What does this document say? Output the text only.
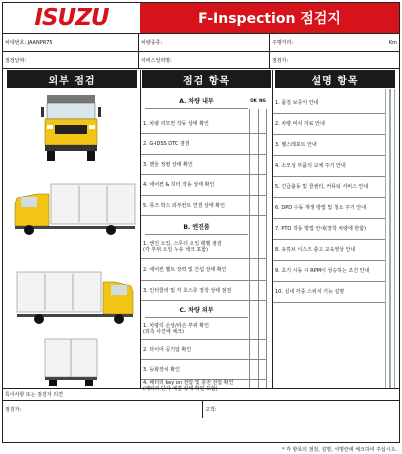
ISUZU	F-Inspection 점검지
차대번호: JAANPR75	차량종류:	주행거리:	Km
점검날짜:	서비스딜러명:	점검자:
외부 점검	점검 항목	설명 항목
A. 차량 내부	OK NG
1. 차량 리모컨 작동 상태 확인
2. G-IDSS DTC 점검
3. 핸들 정렬 상태 확인
4. 에어컨 & 히터 작동 상태 확인
5. 퓨즈 박스 외부컨트 연결 상태 확인
B. 엔진룸
1. 엔진 오일, 스무더 오일 레벨 점검
(각 부위 오일 누유 체크 포함)
2. 에어컨 벨트 장력 및 간섭 상태 확인
3. 인터쿨러 및 각 호스류 장착 상태 점검
C. 차량 외부
1. 차량의 손상/파손 부위 확인
(외측 사진에 체크)
2. 타이어 공기압 확인
3. 등화장치 확인
4. 배터리 key on 전압 및 충전 전압 확인
(배터리 단자 체결 상태 확인 포함)
1. 품질 보증서 안내
2. 차량 비치 자료 안내
3. 헬스레포트 안내
4. 소모성 부품의 교체 주기 안내
5. 긴급출동 및 콜센터, 커뮤티 서비스 안내
6. DPD 수동 재생 방법 및 청소 주기 안내
7. PTO 작동 방법 안내(장착 차량에 한함)
8. 유튜브 이스즈 출고 교육영상 안내
9. 초기 시동 시 RPM이 상승하는 조건 안내
10. 실내 각종 스위치 기능 설명
특이사항 또는 점검자 의견
점검자:	고객:
* 각 항목의 점검, 설명, 서명란에 체크하여 주십시오.
